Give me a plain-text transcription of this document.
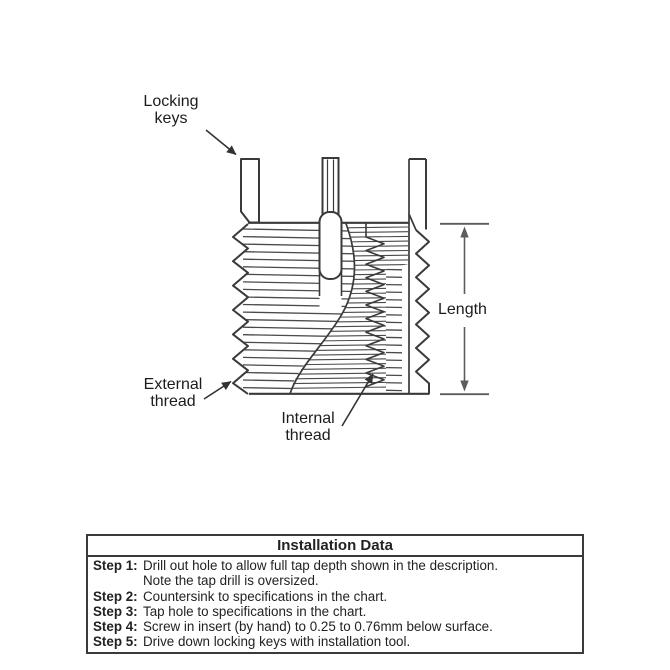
Locking keys
External thread
Internal thread
Length
Installation Data
Step 1: Drill out hole to allow full tap depth shown in the description.
Note the tap drill is oversized.
Step 2: Countersink to specifications in the chart.
Step 3: Tap hole to specifications in the chart.
Step 4: Screw in insert (by hand) to 0.25 to 0.76mm below surface.
Step 5: Drive down locking keys with installation tool.
